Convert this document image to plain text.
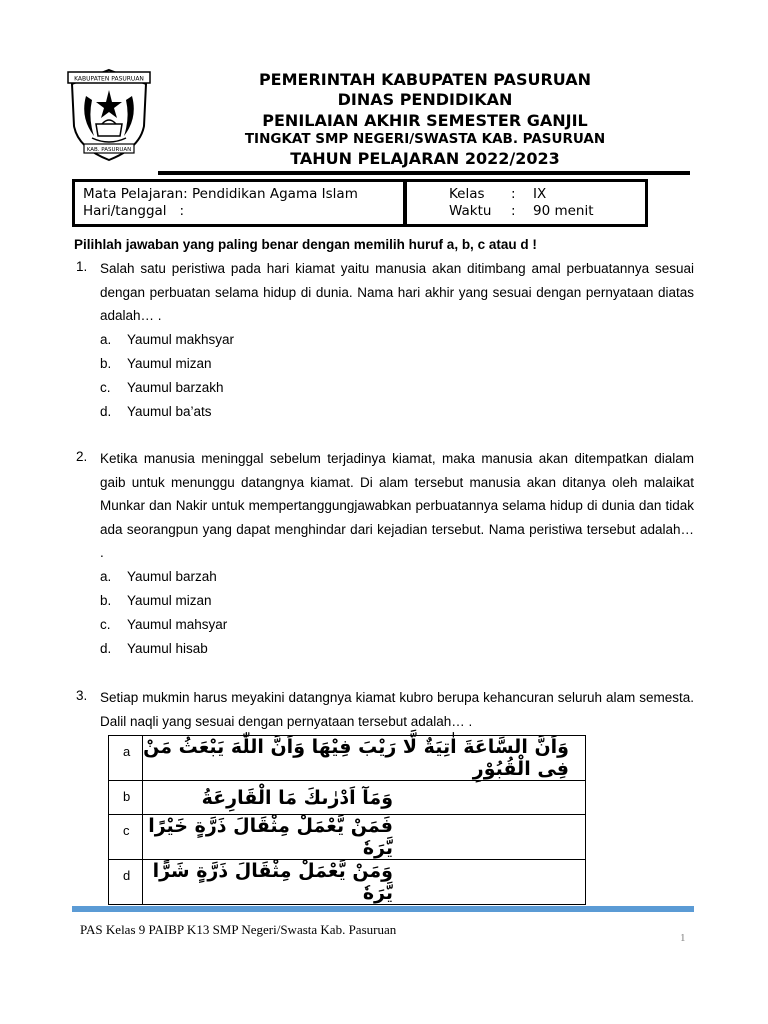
KABUPATEN PASURUAN
KAB. PASURUAN
PEMERINTAH KABUPATEN PASURUAN
DINAS PENDIDIKAN
PENILAIAN AKHIR SEMESTER GANJIL
TINGKAT SMP NEGERI/SWASTA KAB. PASURUAN
TAHUN PELAJARAN 2022/2023
Mata Pelajaran: Pendidikan Agama Islam
Hari/tanggal :
Kelas	:	IX
Waktu	:	90 menit
Pilihlah jawaban yang paling benar dengan memilih huruf a, b, c atau d !
1. Salah satu peristiwa pada hari kiamat yaitu manusia akan ditimbang amal perbuatannya sesuai dengan perbuatan selama hidup di dunia. Nama hari akhir yang sesuai dengan pernyataan diatas adalah… .
a.	Yaumul makhsyar
b.	Yaumul mizan
c.	Yaumul barzakh
d.	Yaumul ba’ats
2. Ketika manusia meninggal sebelum terjadinya kiamat, maka manusia akan ditempatkan dialam gaib untuk menunggu datangnya kiamat. Di alam tersebut manusia akan ditanya oleh malaikat Munkar dan Nakir untuk mempertanggungjawabkan perbuatannya selama hidup di dunia dan tidak ada seorangpun yang dapat menghindar dari kejadian tersebut. Nama peristiwa tersebut adalah… .
a.	Yaumul barzah
b.	Yaumul mizan
c.	Yaumul mahsyar
d.	Yaumul hisab
3. Setiap mukmin harus meyakini datangnya kiamat kubro berupa kehancuran seluruh alam semesta. Dalil naqli yang sesuai dengan pernyataan tersebut adalah… .
a	وَاَنَّ السَّاعَةَ اٰتِيَةٌ لَّا رَيْبَ فِيْهَا وَاَنَّ اللّٰهَ يَبْعَثُ مَنْ فِى الْقُبُوْرِ
b	وَمَآ اَدْرٰىكَ مَا الْقَارِعَةُ
c	فَمَنْ يَّعْمَلْ مِثْقَالَ ذَرَّةٍ خَيْرًا يَّرَهٗ
d	وَمَنْ يَّعْمَلْ مِثْقَالَ ذَرَّةٍ شَرًّا يَّرَهٗ
PAS Kelas 9 PAIBP K13 SMP Negeri/Swasta Kab. Pasuruan
1
